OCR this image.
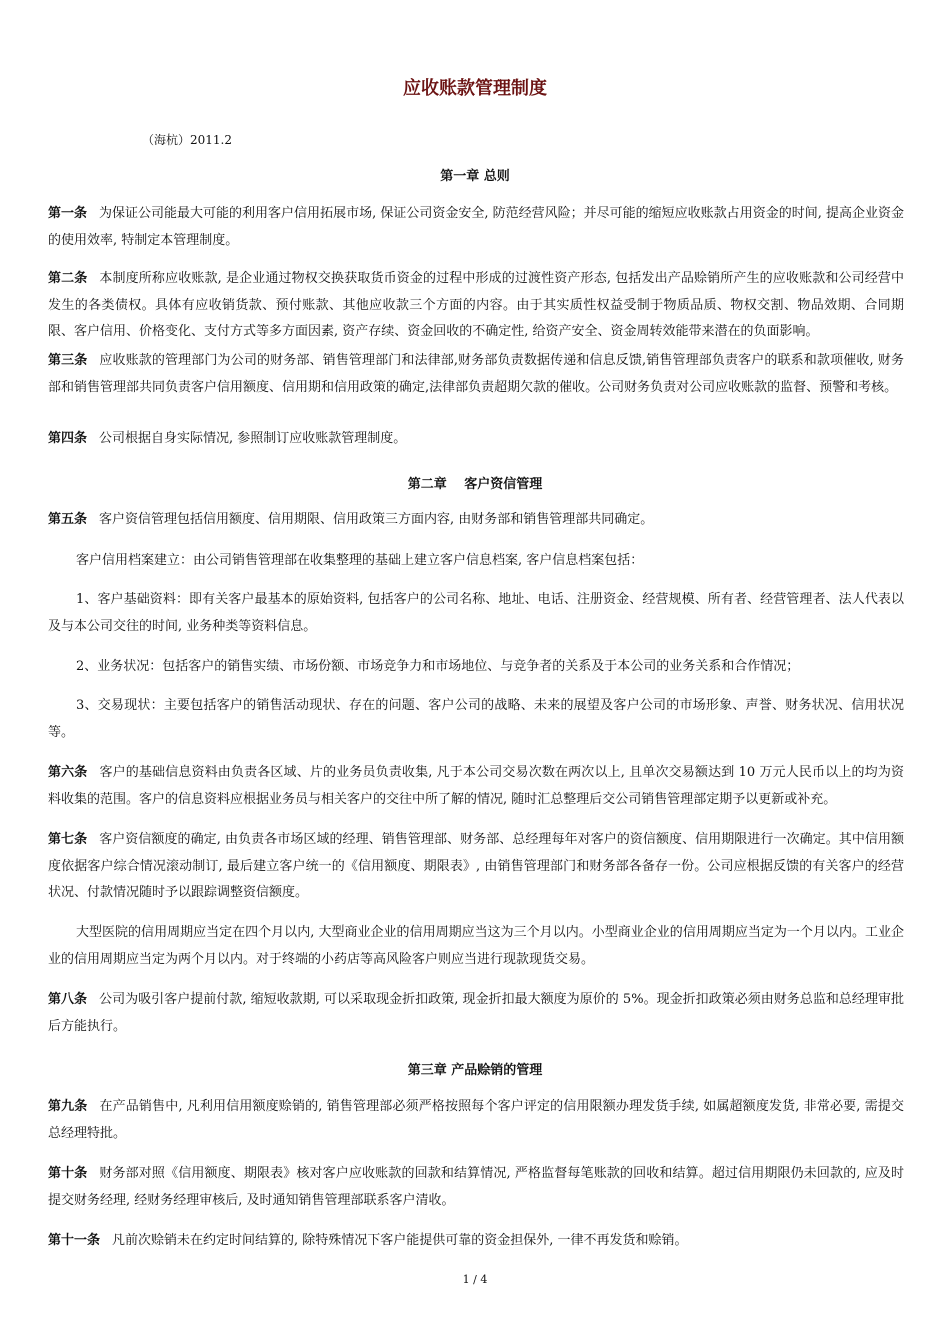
应收账款管理制度
（海杭）2011.2
第一章 总则
第一条 为保证公司能最大可能的利用客户信用拓展市场, 保证公司资金安全, 防范经营风险；并尽可能的缩短应收账款占用资金的时间, 提高企业资金的使用效率, 特制定本管理制度。
第二条 本制度所称应收账款, 是企业通过物权交换获取货币资金的过程中形成的过渡性资产形态, 包括发出产品赊销所产生的应收账款和公司经营中发生的各类债权。具体有应收销货款、预付账款、其他应收款三个方面的内容。由于其实质性权益受制于物质品质、物权交割、物品效期、合同期限、客户信用、价格变化、支付方式等多方面因素, 资产存续、资金回收的不确定性, 给资产安全、资金周转效能带来潜在的负面影响。
第三条 应收账款的管理部门为公司的财务部、销售管理部门和法律部,财务部负责数据传递和信息反馈,销售管理部负责客户的联系和款项催收, 财务部和销售管理部共同负责客户信用额度、信用期和信用政策的确定,法律部负责超期欠款的催收。公司财务负责对公司应收账款的监督、预警和考核。
第四条 公司根据自身实际情况, 参照制订应收账款管理制度。
第二章　 客户资信管理
第五条 客户资信管理包括信用额度、信用期限、信用政策三方面内容, 由财务部和销售管理部共同确定。
客户信用档案建立：由公司销售管理部在收集整理的基础上建立客户信息档案, 客户信息档案包括：
1、客户基础资料：即有关客户最基本的原始资料, 包括客户的公司名称、地址、电话、注册资金、经营规模、所有者、经营管理者、法人代表以及与本公司交往的时间, 业务种类等资料信息。
2、业务状况：包括客户的销售实绩、市场份额、市场竞争力和市场地位、与竞争者的关系及于本公司的业务关系和合作情况；
3、交易现状：主要包括客户的销售活动现状、存在的问题、客户公司的战略、未来的展望及客户公司的市场形象、声誉、财务状况、信用状况等。
第六条 客户的基础信息资料由负责各区域、片的业务员负责收集, 凡于本公司交易次数在两次以上, 且单次交易额达到 10 万元人民币以上的均为资料收集的范围。客户的信息资料应根据业务员与相关客户的交往中所了解的情况, 随时汇总整理后交公司销售管理部定期予以更新或补充。
第七条 客户资信额度的确定, 由负责各市场区域的经理、销售管理部、财务部、总经理每年对客户的资信额度、信用期限进行一次确定。其中信用额度依据客户综合情况滚动制订, 最后建立客户统一的《信用额度、期限表》, 由销售管理部门和财务部各备存一份。公司应根据反馈的有关客户的经营状况、付款情况随时予以跟踪调整资信额度。
大型医院的信用周期应当定在四个月以内, 大型商业企业的信用周期应当这为三个月以内。小型商业企业的信用周期应当定为一个月以内。工业企业的信用周期应当定为两个月以内。对于终端的小药店等高风险客户则应当进行现款现货交易。
第八条 公司为吸引客户提前付款, 缩短收款期, 可以采取现金折扣政策, 现金折扣最大额度为原价的 5%。现金折扣政策必须由财务总监和总经理审批后方能执行。
第三章 产品赊销的管理
第九条 在产品销售中, 凡利用信用额度赊销的, 销售管理部必须严格按照每个客户评定的信用限额办理发货手续, 如属超额度发货, 非常必要, 需提交总经理特批。
第十条 财务部对照《信用额度、期限表》核对客户应收账款的回款和结算情况, 严格监督每笔账款的回收和结算。超过信用期限仍未回款的, 应及时提交财务经理, 经财务经理审核后, 及时通知销售管理部联系客户清收。
第十一条 凡前次赊销未在约定时间结算的, 除特殊情况下客户能提供可靠的资金担保外, 一律不再发货和赊销。
1 / 4
